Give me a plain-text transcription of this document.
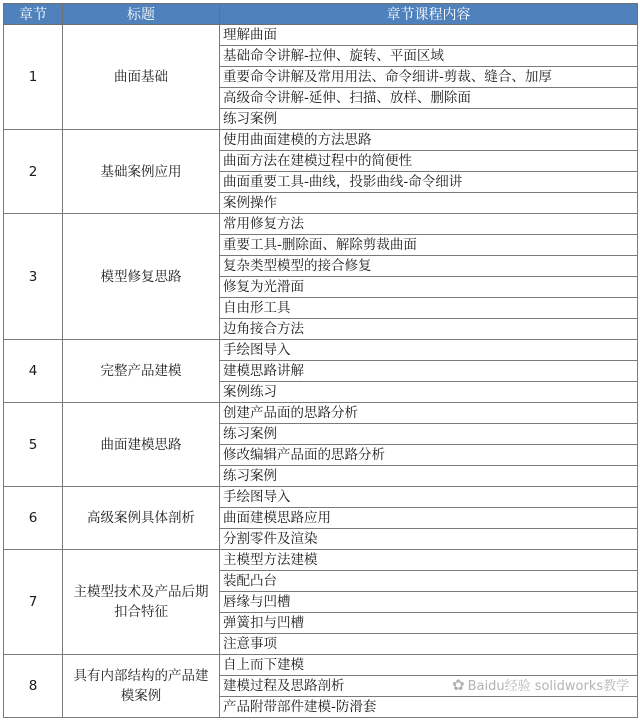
章节	标题	章节课程内容
1	曲面基础	理解曲面
		基础命令讲解-拉伸、旋转、平面区域
		重要命令讲解及常用用法、命令细讲-剪裁、缝合、加厚
		高级命令讲解-延伸、扫描、放样、删除面
		练习案例
2	基础案例应用	使用曲面建模的方法思路
		曲面方法在建模过程中的简便性
		曲面重要工具-曲线，投影曲线-命令细讲
		案例操作
3	模型修复思路	常用修复方法
		重要工具-删除面、解除剪裁曲面
		复杂类型模型的接合修复
		修复为光滑面
		自由形工具
		边角接合方法
4	完整产品建模	手绘图导入
		建模思路讲解
		案例练习
5	曲面建模思路	创建产品面的思路分析
		练习案例
		修改编辑产品面的思路分析
		练习案例
6	高级案例具体剖析	手绘图导入
		曲面建模思路应用
		分割零件及渲染
7	主模型技术及产品后期扣合特征	主模型方法建模
		装配凸台
		唇缘与凹槽
		弹簧扣与凹槽
		注意事项
8	具有内部结构的产品建模案例	自上而下建模
		建模过程及思路剖析
		产品附带部件建模-防滑套
✿ Baidu经验 solidworks教学
